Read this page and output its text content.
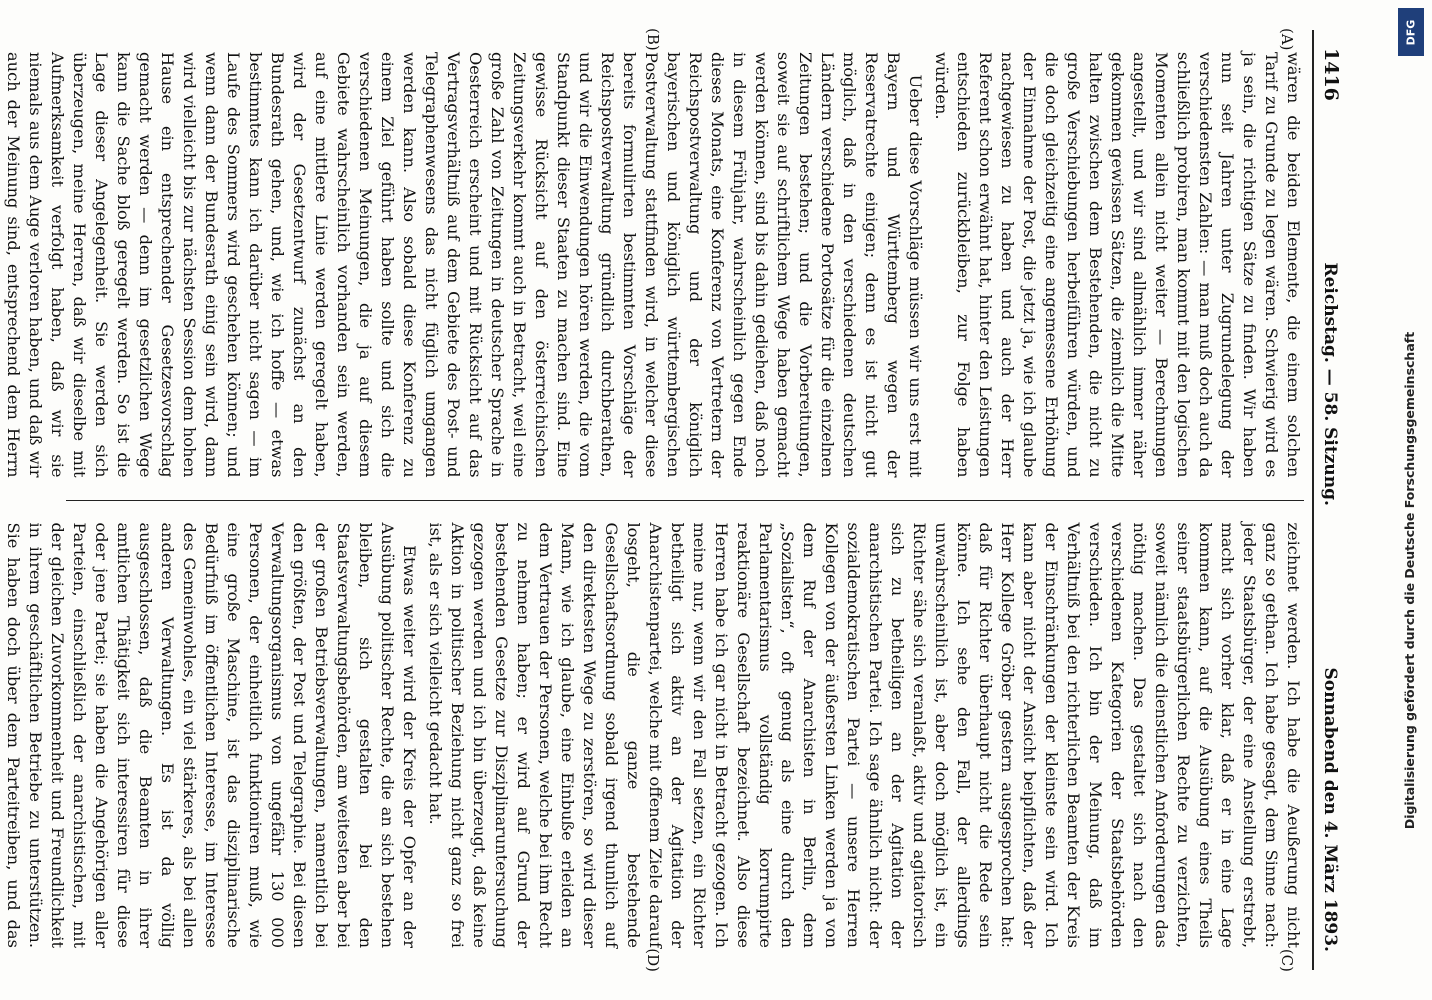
1416
Reichstag. — 58. Sitzung.
Sonnabend den 4. März 1893.
(A)

wären die beiden Elemente, die einem solchen Tarif zu Grunde zu legen wären. Schwierig wird es ja sein, die richtigen Sätze zu finden. Wir haben nun seit Jahren unter Zugrundelegung der verschiedensten Zahlen: — man muß doch auch da schließlich probiren, man kommt mit den logischen Momenten allein nicht weiter — Berechnungen angestellt, und wir sind allmählich immer näher gekommen gewissen Sätzen, die ziemlich die Mitte halten zwischen dem Bestehenden, die nicht zu große Verschiebungen herbeiführen würden, und die doch gleichzeitig eine angemessene Erhöhung der Einnahme der Post, die jetzt ja, wie ich glaube nachgewiesen zu haben und auch der Herr Referent schon erwähnt hat, hinter den Leistungen entschieden zurückbleiben, zur Folge haben würden.

Ueber diese Vorschläge müssen wir uns erst mit Bayern und Württemberg wegen der Reservatrechte einigen; denn es ist nicht gut möglich, daß in den verschiedenen deutschen Ländern verschiedene Portosätze für die einzelnen Zeitungen bestehen; und die Vorbereitungen, soweit sie auf schriftlichem Wege haben gemacht werden können, sind bis dahin gediehen, daß noch in diesem Frühjahr, wahrscheinlich gegen Ende dieses Monats, eine Konferenz von Vertretern der Reichspostverwaltung und der königlich bayerischen und königlich württembergischen Postverwaltung stattfinden wird, in welcher diese bereits formulirten bestimmten Vorschläge der Reichspostverwaltung gründlich durchberathen, und wir die Einwendungen hören werden, die vom Standpunkt dieser Staaten zu machen sind. Eine gewisse Rücksicht auf den österreichischen Zeitungsverkehr kommt auch in Betracht, weil eine große Zahl von Zeitungen in deutscher Sprache in Oesterreich erscheint und mit Rücksicht auf das Vertragsverhältniß auf dem Gebiete des Post- und Telegraphenwesens das nicht füglich umgangen werden kann. Also sobald diese Konferenz zu einem Ziel geführt haben sollte und sich die verschiedenen Meinungen, die ja auf diesem Gebiete wahrscheinlich vorhanden sein werden, auf eine mittlere Linie werden geregelt haben, wird der Gesetzentwurf zunächst an den Bundesrath gehen, und, wie ich hoffe — etwas bestimmtes kann ich darüber nicht sagen — im Laufe des Sommers wird geschehen können; und wenn dann der Bundesrath einig sein wird, dann wird vielleicht bis zur nächsten Session dem hohen Hause ein entsprechender Gesetzesvorschlag gemacht werden — denn im gesetzlichen Wege kann die Sache bloß geregelt werden. So ist die Lage dieser Angelegenheit. Sie werden sich überzeugen, meine Herren, daß wir dieselbe mit Aufmerksamkeit verfolgt haben, daß wir sie niemals aus dem Auge verloren haben, und daß wir auch der Meinung sind, entsprechend dem Herrn

(B)
(C)

zeichnet werden. Ich habe die Aeußerung nicht ganz so gethan. Ich habe gesagt, dem Sinne nach: jeder Staatsbürger, der eine Anstellung erstrebt, macht sich vorher klar, daß er in eine Lage kommen kann, auf die Ausübung eines Theils seiner staatsbürgerlichen Rechte zu verzichten, soweit nämlich die dienstlichen Anforderungen das nöthig machen. Das gestaltet sich nach den verschiedenen Kategorien der Staatsbehörden verschieden. Ich bin der Meinung, daß im Verhältniß bei den richterlichen Beamten der Kreis der Einschränkungen der kleinste sein wird. Ich kann aber nicht der Ansicht beipflichten, daß der Herr Kollege Gröber gestern ausgesprochen hat: daß für Richter überhaupt nicht die Rede sein könne. Ich sehe den Fall, der allerdings unwahrscheinlich ist, aber doch möglich ist, ein Richter sähe sich veranlaßt, aktiv und agitatorisch sich zu betheiligen an der Agitation der anarchistischen Partei. Ich sage ähnlich nicht: der sozialdemokratischen Partei — unsere Herren Kollegen von der äußersten Linken werden ja von dem Ruf der Anarchisten in Berlin, dem „Sozialisten“, oft genug als eine durch den Parlamentarismus vollständig korrumpirte reaktionäre Gesellschaft bezeichnet. Also diese Herren habe ich gar nicht in Betracht gezogen. Ich meine nur, wenn wir den Fall setzen, ein Richter betheiligt sich aktiv an der Agitation der Anarchistenpartei, welche mit offenem Ziele darauf losgeht, die ganze bestehende Gesellschaftsordnung sobald irgend thunlich auf den direktesten Wege zu zerstören, so wird dieser Mann, wie ich glaube, eine Einbuße erleiden an dem Vertrauen der Personen, welche bei ihm Recht zu nehmen haben; er wird auf Grund der bestehenden Gesetze zur Disziplinaruntersuchung gezogen werden und ich bin überzeugt, daß keine Aktion in politischer Beziehung nicht ganz so frei ist, als er sich vielleicht gedacht hat.

Etwas weiter wird der Kreis der Opfer an der Ausübung politischer Rechte, die an sich bestehen bleiben, sich gestalten bei den Staatsverwaltungsbehörden, am weitesten aber bei der großen Betriebsverwaltungen, namentlich bei den größten, der Post und Telegraphie. Bei diesen Verwaltungsorganismus von ungefähr 130 000 Personen, der einheitlich funktioniren muß, wie eine große Maschine, ist das disziplinarische Bedürfniß im öffentlichen Interesse, im Interesse des Gemeinwohles, ein viel stärkeres, als bei allen anderen Verwaltungen. Es ist da völlig ausgeschlossen, daß die Beamten in ihrer amtlichen Thätigkeit sich interessiren für diese oder jene Partei; sie haben die Angehörigen aller Parteien, einschließlich der anarchistischen, mit der gleichen Zuvorkommenheit und Freundlichkeit in ihrem geschäftlichen Betriebe zu unterstützen. Sie haben doch über dem Parteitreiben, und das

(D)
Digitalisierung gefördert durch die Deutsche Forschungsgemeinschaft
DFG
